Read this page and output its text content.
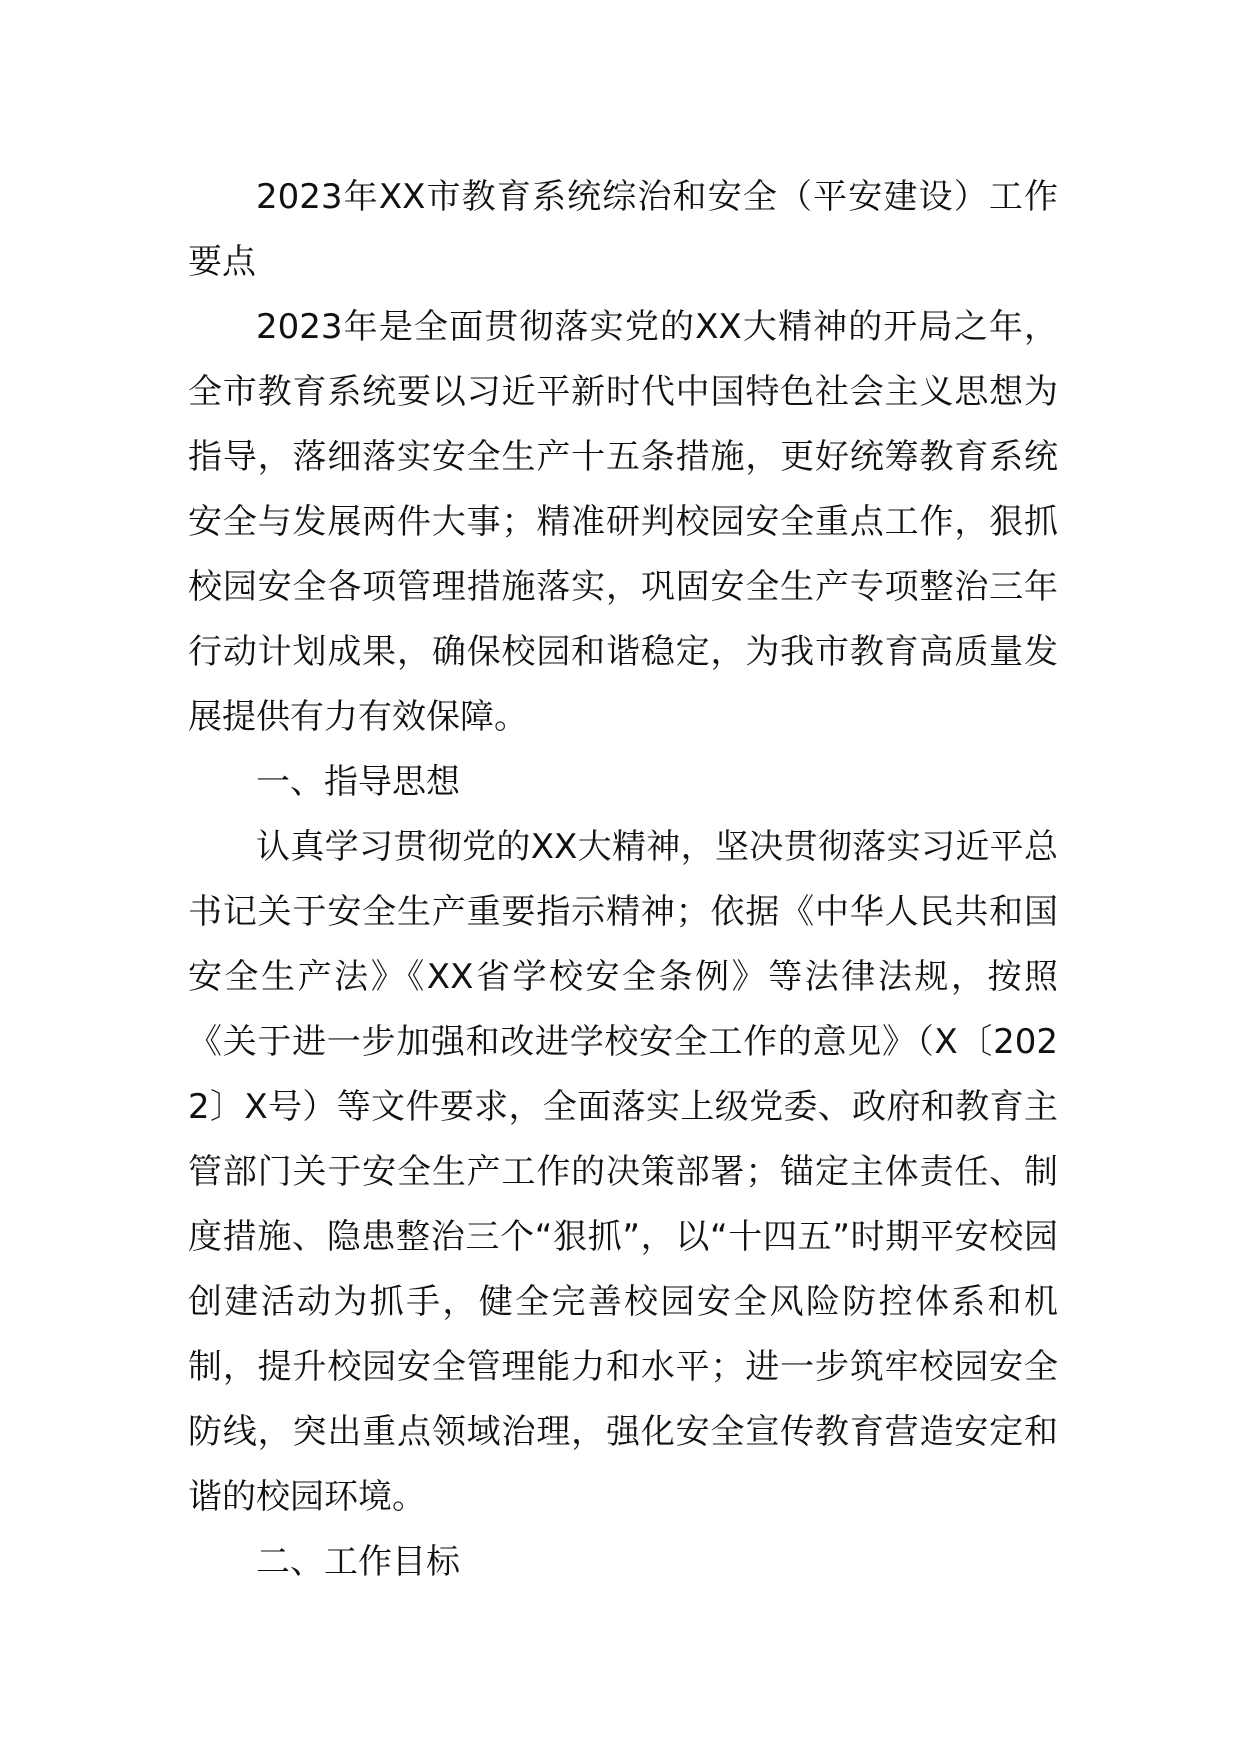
2023年XX市教育系统综治和安全（平安建设）工作要点

2023年是全面贯彻落实党的XX大精神的开局之年，全市教育系统要以习近平新时代中国特色社会主义思想为指导，落细落实安全生产十五条措施，更好统筹教育系统安全与发展两件大事；精准研判校园安全重点工作，狠抓校园安全各项管理措施落实，巩固安全生产专项整治三年行动计划成果，确保校园和谐稳定，为我市教育高质量发展提供有力有效保障。

一、指导思想

认真学习贯彻党的XX大精神，坚决贯彻落实习近平总书记关于安全生产重要指示精神；依据《中华人民共和国安全生产法》《XX省学校安全条例》等法律法规，按照《关于进一步加强和改进学校安全工作的意见》（X〔2022〕X号）等文件要求，全面落实上级党委、政府和教育主管部门关于安全生产工作的决策部署；锚定主体责任、制度措施、隐患整治三个“狠抓”，以“十四五”时期平安校园创建活动为抓手，健全完善校园安全风险防控体系和机制，提升校园安全管理能力和水平；进一步筑牢校园安全防线，突出重点领域治理，强化安全宣传教育营造安定和谐的校园环境。

二、工作目标
